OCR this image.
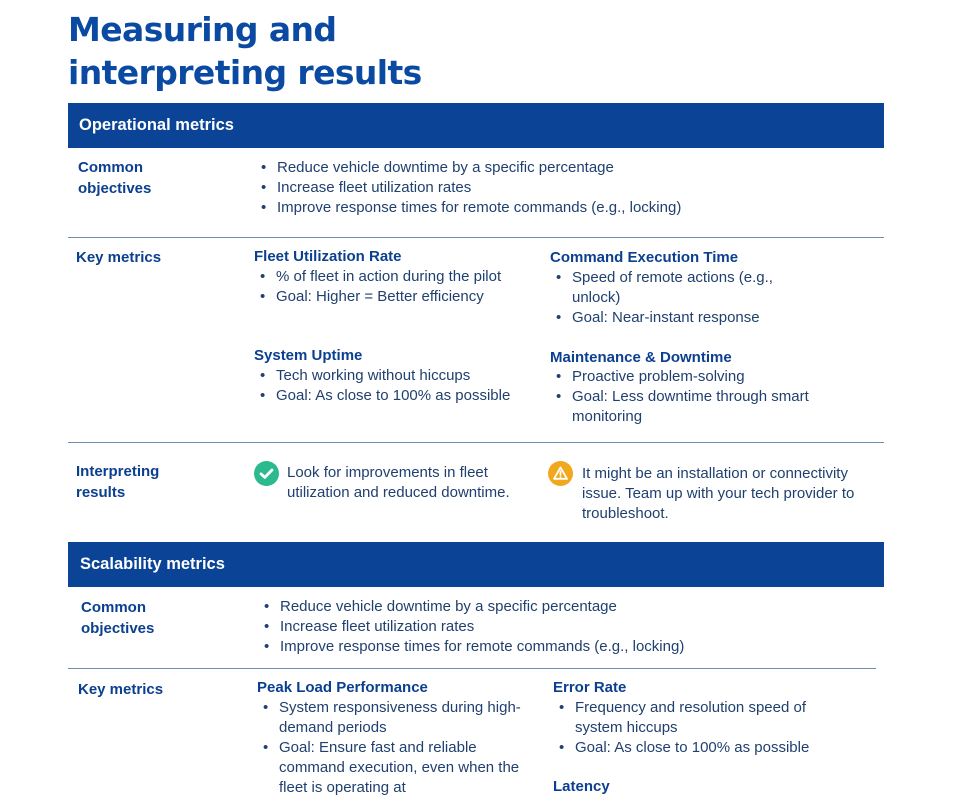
Measuring and
interpreting results
Operational metrics
Common
objectives
• Reduce vehicle downtime by a specific percentage
• Increase fleet utilization rates
• Improve response times for remote commands (e.g., locking)
Key metrics	Fleet Utilization Rate
• % of fleet in action during the pilot
• Goal: Higher = Better efficiency
Command Execution Time
• Speed of remote actions (e.g., unlock)
• Goal: Near-instant response
System Uptime
• Tech working without hiccups
• Goal: As close to 100% as possible
Maintenance & Downtime
• Proactive problem-solving
• Goal: Less downtime through smart monitoring
Interpreting
results
Look for improvements in fleet utilization and reduced downtime.
It might be an installation or connectivity issue. Team up with your tech provider to troubleshoot.
Scalability metrics
Common
objectives
• Reduce vehicle downtime by a specific percentage
• Increase fleet utilization rates
• Improve response times for remote commands (e.g., locking)
Key metrics	Peak Load Performance
• System responsiveness during high-demand periods
• Goal: Ensure fast and reliable command execution, even when the fleet is operating at
Error Rate
• Frequency and resolution speed of system hiccups
• Goal: As close to 100% as possible
Latency
